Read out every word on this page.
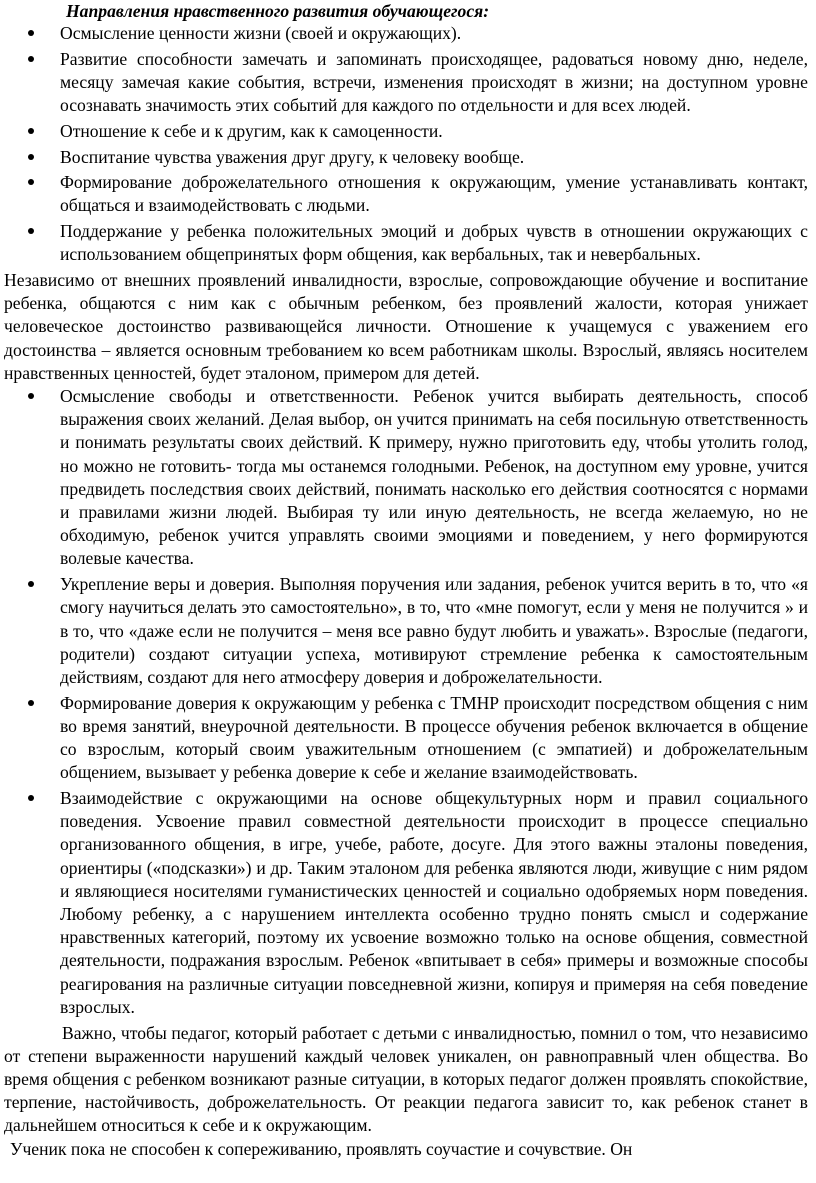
Направления нравственного развития обучающегося:
Осмысление ценности жизни (своей и окружающих).
Развитие способности замечать и запоминать происходящее, радоваться новому дню, неделе, месяцу замечая какие события, встречи, изменения происходят в жизни; на доступном уровне осознавать значимость этих событий для каждого по отдельности и для всех людей.
Отношение к себе и к другим, как к самоценности.
Воспитание чувства уважения друг другу, к человеку вообще.
Формирование доброжелательного отношения к окружающим, умение устанавливать контакт, общаться и взаимодействовать с людьми.
Поддержание у ребенка положительных эмоций и добрых чувств в отношении окружающих с использованием общепринятых форм общения, как вербальных, так и невербальных.

Независимо от внешних проявлений инвалидности, взрослые, сопровождающие обучение и воспитание ребенка, общаются с ним как с обычным ребенком, без проявлений жалости, которая унижает человеческое достоинство развивающейся личности. Отношение к учащемуся с уважением его достоинства – является основным требованием ко всем работникам школы. Взрослый, являясь носителем нравственных ценностей, будет эталоном, примером для детей.

Осмысление свободы и ответственности. Ребенок учится выбирать деятельность, способ выражения своих желаний. Делая выбор, он учится принимать на себя посильную ответственность и понимать результаты своих действий. К примеру, нужно приготовить еду, чтобы утолить голод, но можно не готовить- тогда мы останемся голодными. Ребенок, на доступном ему уровне, учится предвидеть последствия своих действий, понимать насколько его действия соотносятся с нормами и правилами жизни людей. Выбирая ту или иную деятельность, не всегда желаемую, но не обходимую, ребенок учится управлять своими эмоциями и поведением, у него формируются волевые качества.
Укрепление веры и доверия. Выполняя поручения или задания, ребенок учится верить в то, что «я смогу научиться делать это самостоятельно», в то, что «мне помогут, если у меня не получится » и в то, что «даже если не получится – меня все равно будут любить и уважать». Взрослые (педагоги, родители) создают ситуации успеха, мотивируют стремление ребенка к самостоятельным действиям, создают для него атмосферу доверия и доброжелательности.
Формирование доверия к окружающим у ребенка с ТМНР происходит посредством общения с ним во время занятий, внеурочной деятельности. В процессе обучения ребенок включается в общение со взрослым, который своим уважительным отношением (с эмпатией) и доброжелательным общением, вызывает у ребенка доверие к себе и желание взаимодействовать.
Взаимодействие с окружающими на основе общекультурных норм и правил социального поведения. Усвоение правил совместной деятельности происходит в процессе специально организованного общения, в игре, учебе, работе, досуге. Для этого важны эталоны поведения, ориентиры («подсказки») и др. Таким эталоном для ребенка являются люди, живущие с ним рядом и являющиеся носителями гуманистических ценностей и социально одобряемых норм поведения. Любому ребенку, а с нарушением интеллекта особенно трудно понять смысл и содержание нравственных категорий, поэтому их усвоение возможно только на основе общения, совместной деятельности, подражания взрослым. Ребенок «впитывает в себя» примеры и возможные способы реагирования на различные ситуации повседневной жизни, копируя и примеряя на себя поведение взрослых.

Важно, чтобы педагог, который работает с детьми с инвалидностью, помнил о том, что независимо от степени выраженности нарушений каждый человек уникален, он равноправный член общества. Во время общения с ребенком возникают разные ситуации, в которых педагог должен проявлять спокойствие, терпение, настойчивость, доброжелательность. От реакции педагога зависит то, как ребенок станет в дальнейшем относиться к себе и к окружающим.

Ученик пока не способен к сопереживанию, проявлять соучастие и сочувствие. Он
